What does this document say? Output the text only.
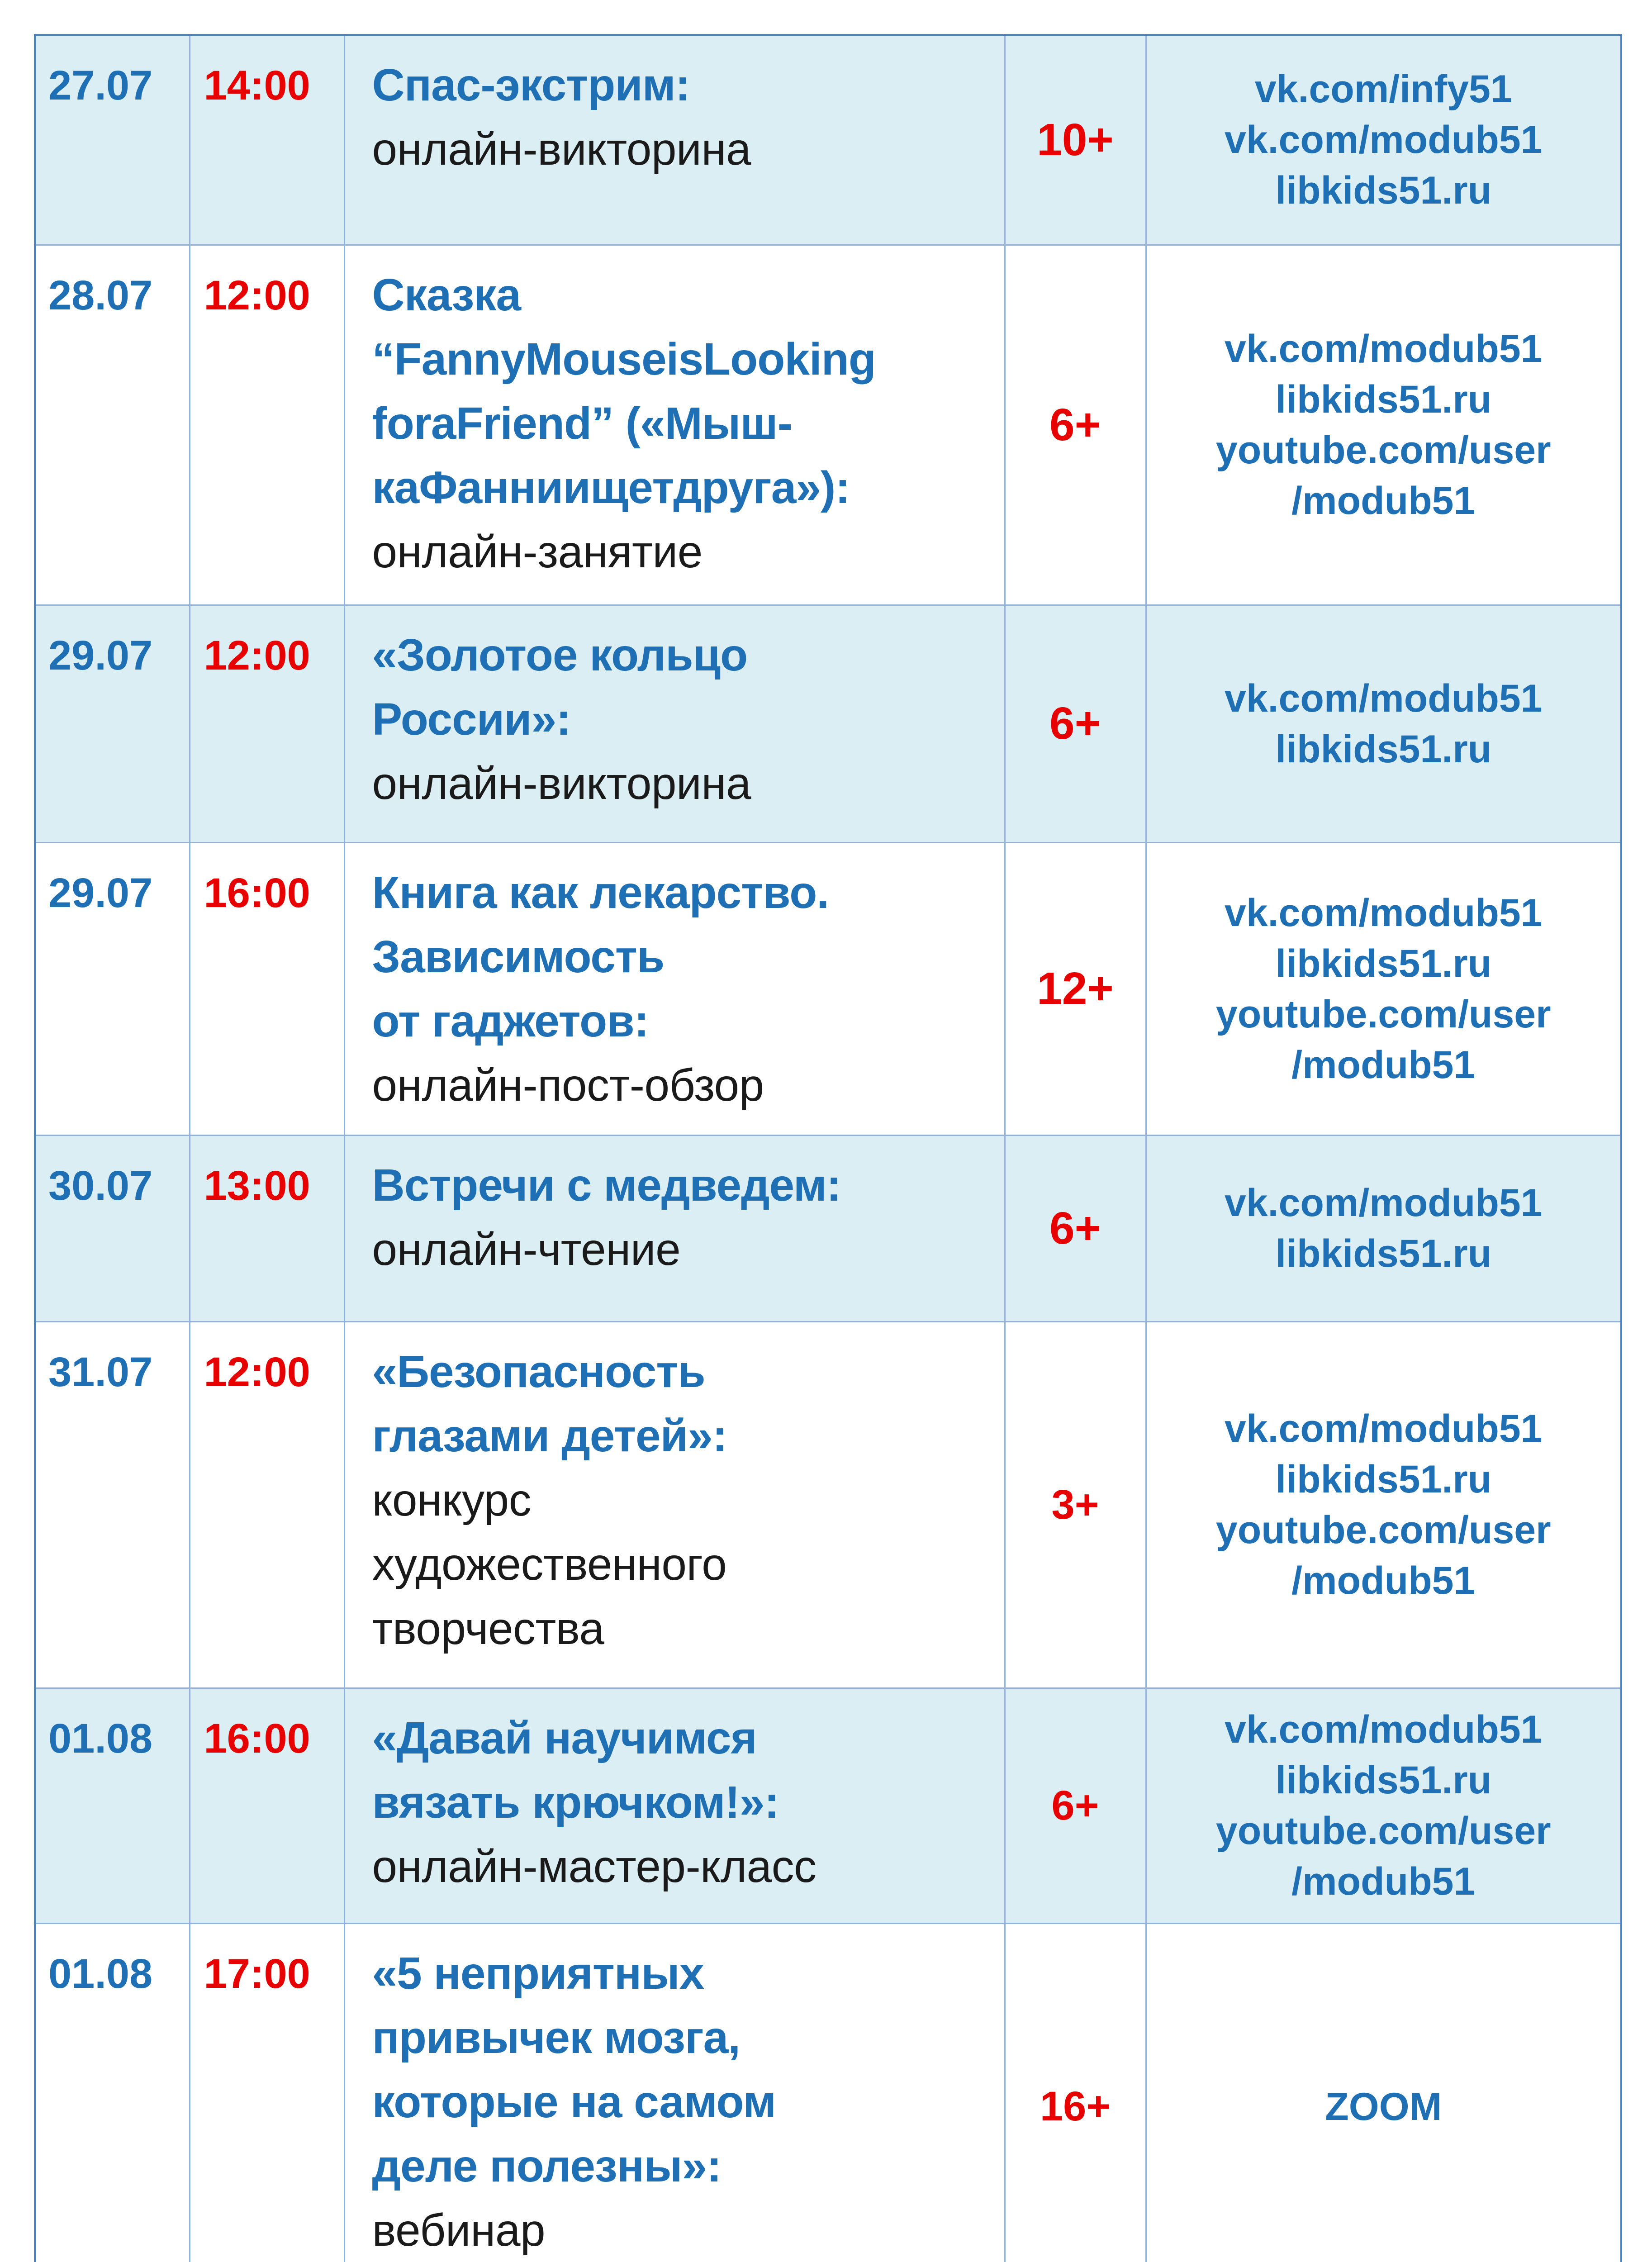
27.07	14:00	Спас-экстрим:
онлайн-викторина	10+	vk.com/infy51
vk.com/modub51
libkids51.ru

28.07	12:00	Сказка
“FannyMouseisLooking
foraFriend” («Мыш-
каФанниищетдруга»):
онлайн-занятие	6+	vk.com/modub51
libkids51.ru
youtube.com/user
/modub51

29.07	12:00	«Золотое кольцо
России»:
онлайн-викторина	6+	vk.com/modub51
libkids51.ru

29.07	16:00	Книга как лекарство.
Зависимость
от гаджетов:
онлайн-пост-обзор	12+	vk.com/modub51
libkids51.ru
youtube.com/user
/modub51

30.07	13:00	Встречи с медведем:
онлайн-чтение	6+	vk.com/modub51
libkids51.ru

31.07	12:00	«Безопасность
глазами детей»:
конкурс
художественного
творчества	3+	vk.com/modub51
libkids51.ru
youtube.com/user
/modub51

01.08	16:00	«Давай научимся
вязать крючком!»:
онлайн-мастер-класс	6+	vk.com/modub51
libkids51.ru
youtube.com/user
/modub51

01.08	17:00	«5 неприятных
привычек мозга,
которые на самом
деле полезны»:
вебинар	16+	ZOOM
